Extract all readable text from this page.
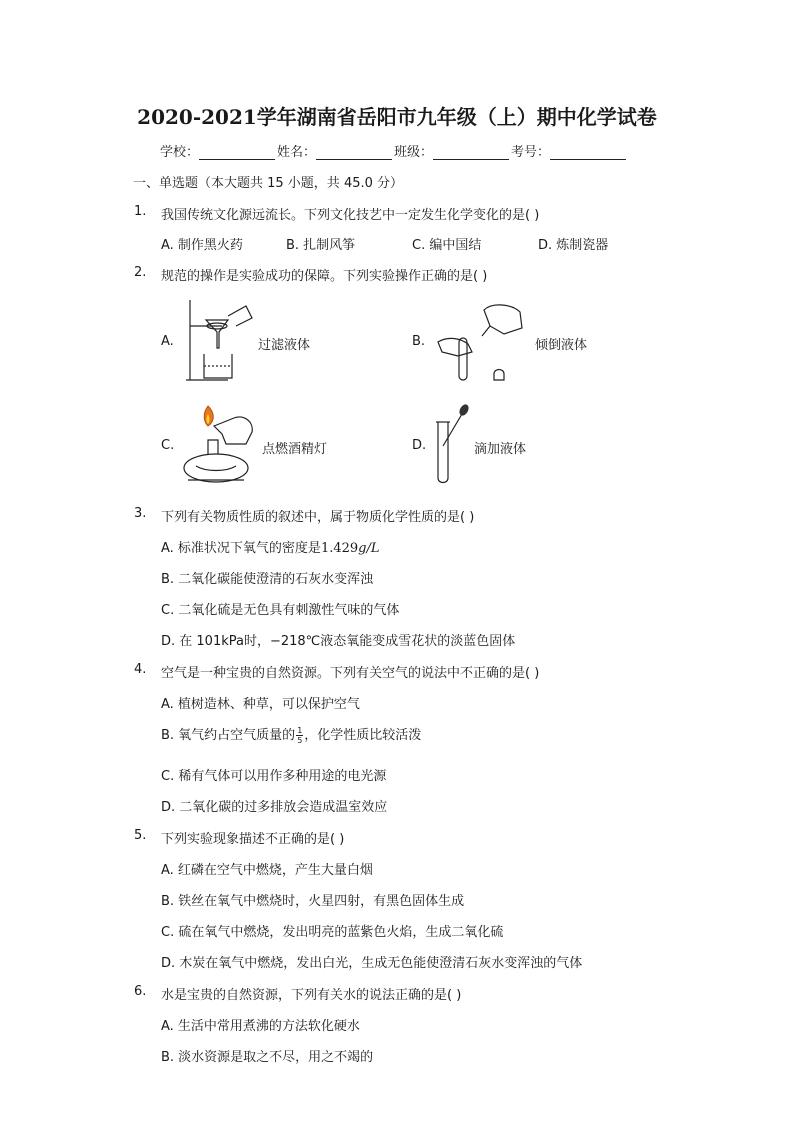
2020-2021学年湖南省岳阳市九年级（上）期中化学试卷
学校：	姓名：	班级：	考号：
一、单选题（本大题共 15 小题，共 45.0 分）
1. 我国传统文化源远流长。下列文化技艺中一定发生化学变化的是( )
A. 制作黑火药	B. 扎制风筝	C. 编中国结	D. 炼制瓷器
2. 规范的操作是实验成功的保障。下列实验操作正确的是( )
A.	过滤液体	B.	倾倒液体
C.	点燃酒精灯	D.	滴加液体
3. 下列有关物质性质的叙述中，属于物质化学性质的是( )
A. 标准状况下氧气的密度是1.429g/L
B. 二氧化碳能使澄清的石灰水变浑浊
C. 二氧化硫是无色具有刺激性气味的气体
D. 在 101kPa时，−218℃液态氧能变成雪花状的淡蓝色固体
4. 空气是一种宝贵的自然资源。下列有关空气的说法中不正确的是( )
A. 植树造林、种草，可以保护空气
B. 氧气约占空气质量的 $\frac{1}{5}$ ，化学性质比较活泼
C. 稀有气体可以用作多种用途的电光源
D. 二氧化碳的过多排放会造成温室效应
5. 下列实验现象描述不正确的是( )
A. 红磷在空气中燃烧，产生大量白烟
B. 铁丝在氧气中燃烧时，火星四射，有黑色固体生成
C. 硫在氧气中燃烧，发出明亮的蓝紫色火焰，生成二氧化硫
D. 木炭在氧气中燃烧，发出白光，生成无色能使澄清石灰水变浑浊的气体
6. 水是宝贵的自然资源，下列有关水的说法正确的是( )
A. 生活中常用煮沸的方法软化硬水
B. 淡水资源是取之不尽，用之不竭的
